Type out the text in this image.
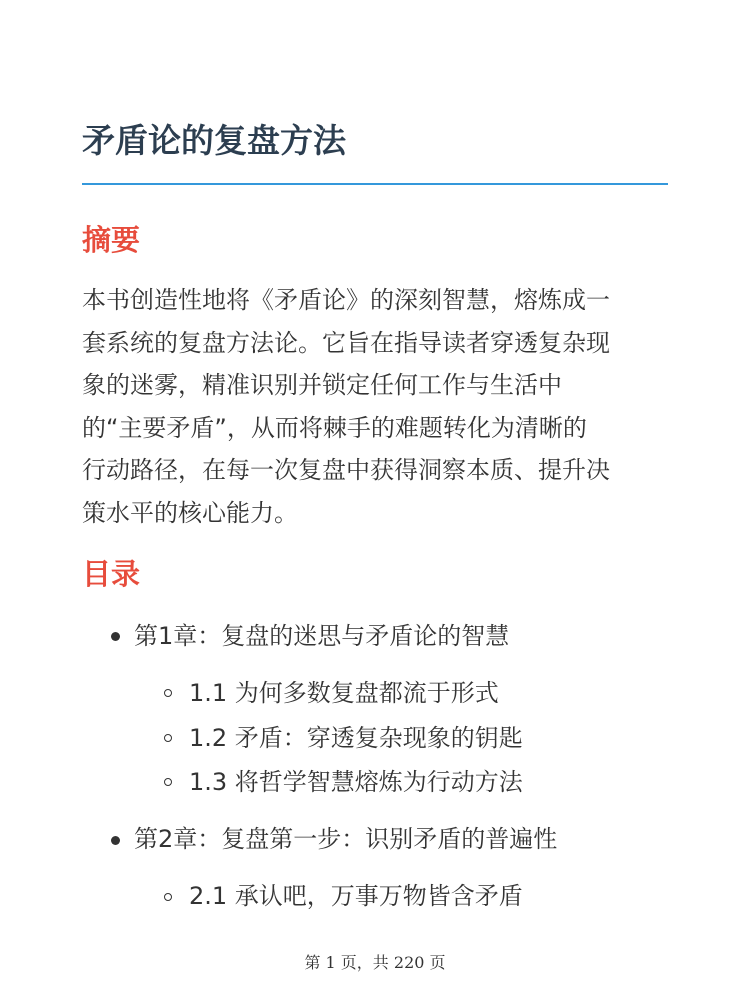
矛盾论的复盘方法
摘要
本书创造性地将《矛盾论》的深刻智慧，熔炼成一
套系统的复盘方法论。它旨在指导读者穿透复杂现
象的迷雾，精准识别并锁定任何工作与生活中
的“主要矛盾”，从而将棘手的难题转化为清晰的
行动路径，在每一次复盘中获得洞察本质、提升决
策水平的核心能力。
目录
第1章：复盘的迷思与矛盾论的智慧
1.1 为何多数复盘都流于形式
1.2 矛盾：穿透复杂现象的钥匙
1.3 将哲学智慧熔炼为行动方法
第2章：复盘第一步：识别矛盾的普遍性
2.1 承认吧，万事万物皆含矛盾
第 1 页，共 220 页
